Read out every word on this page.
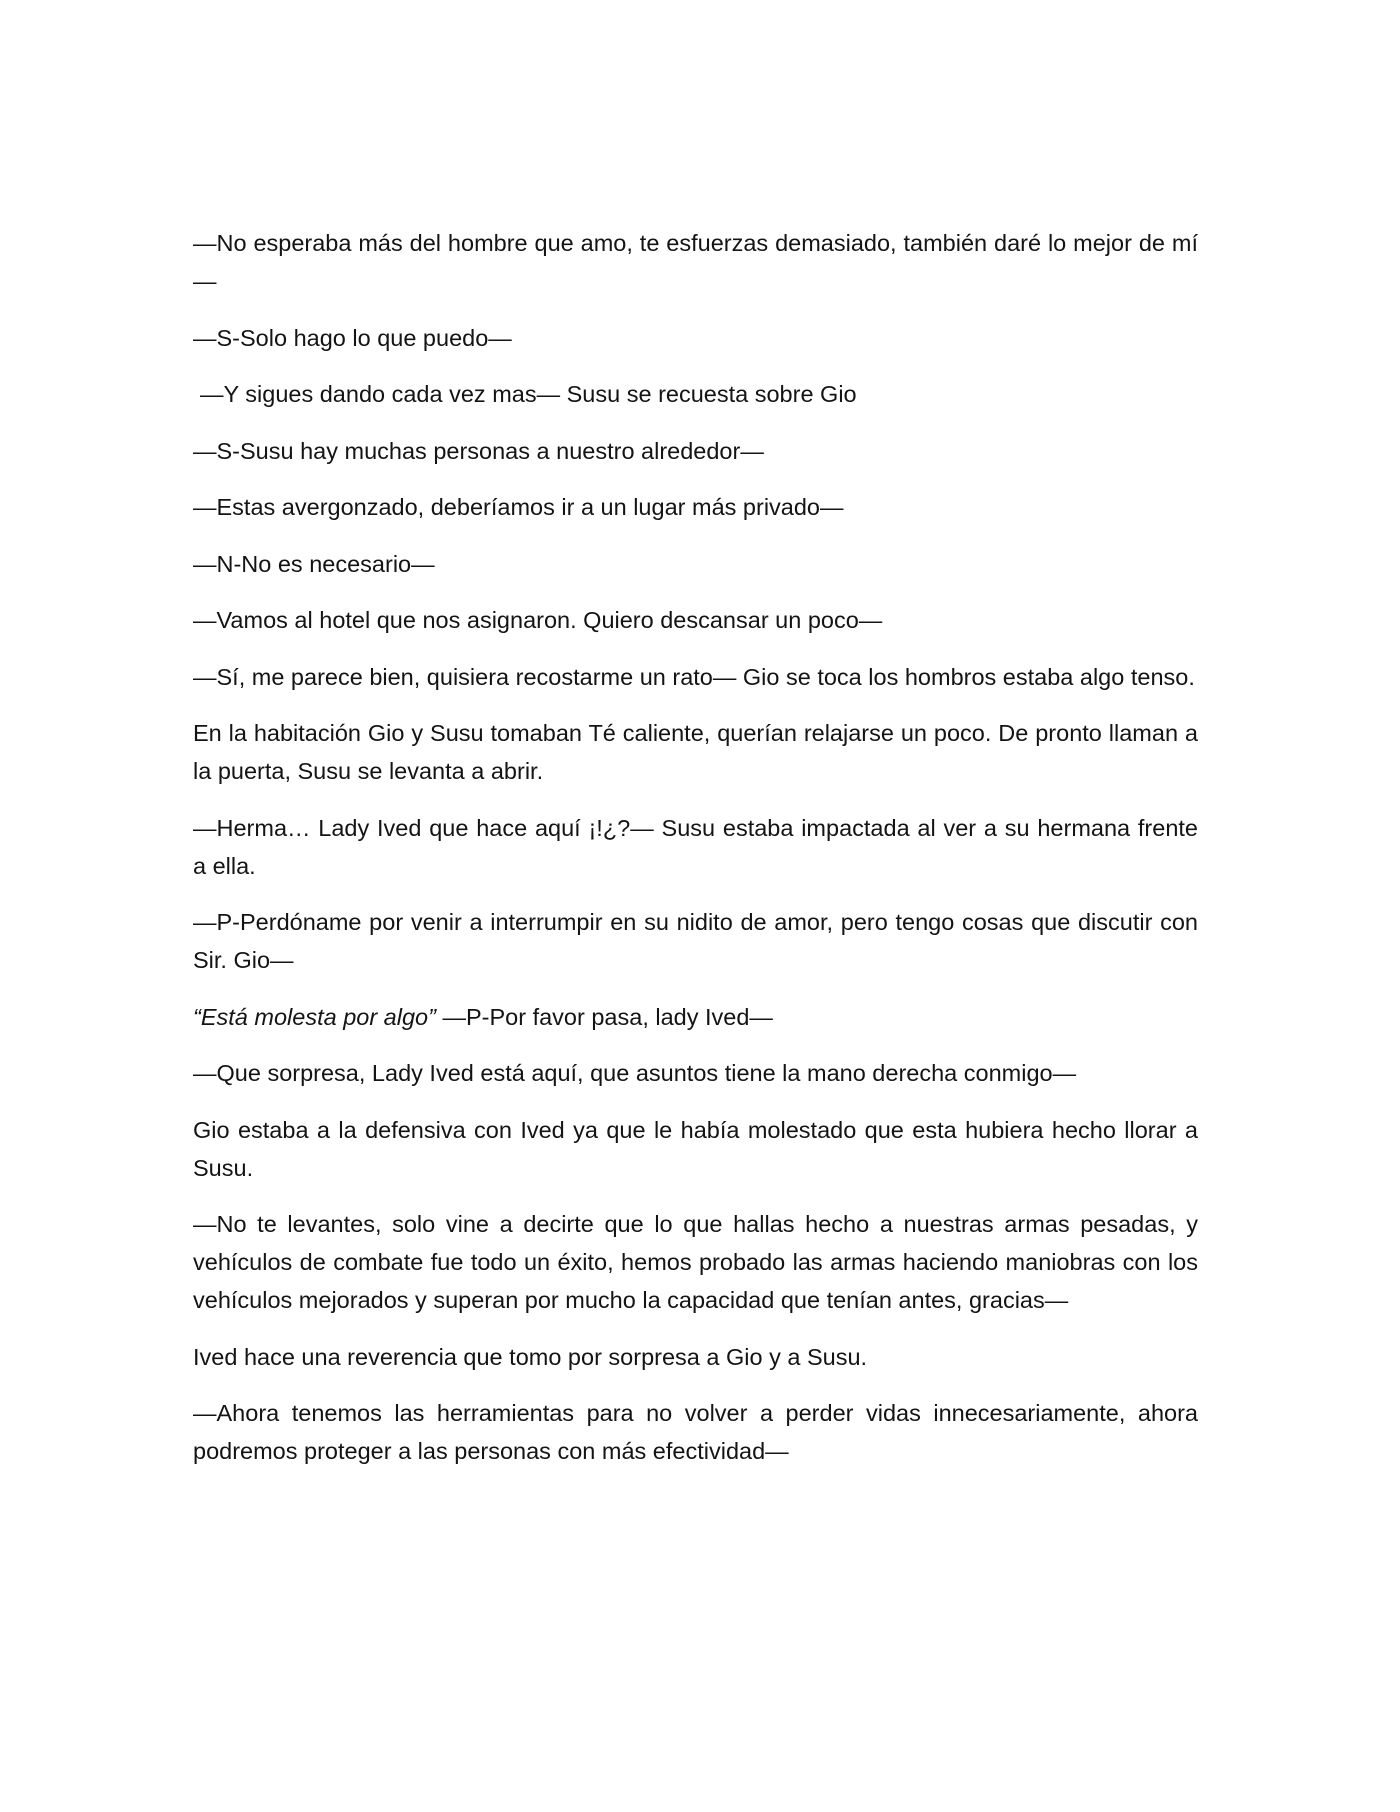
—No esperaba más del hombre que amo, te esfuerzas demasiado, también daré lo mejor de mí—

—S-Solo hago lo que puedo—

—Y sigues dando cada vez mas— Susu se recuesta sobre Gio

—S-Susu hay muchas personas a nuestro alrededor—

—Estas avergonzado, deberíamos ir a un lugar más privado—

—N-No es necesario—

—Vamos al hotel que nos asignaron. Quiero descansar un poco—

—Sí, me parece bien, quisiera recostarme un rato— Gio se toca los hombros estaba algo tenso.

En la habitación Gio y Susu tomaban Té caliente, querían relajarse un poco. De pronto llaman a la puerta, Susu se levanta a abrir.

—Herma… Lady Ived que hace aquí ¡!¿?— Susu estaba impactada al ver a su hermana frente a ella.

—P-Perdóname por venir a interrumpir en su nidito de amor, pero tengo cosas que discutir con Sir. Gio—

“Está molesta por algo” —P-Por favor pasa, lady Ived—

—Que sorpresa, Lady Ived está aquí, que asuntos tiene la mano derecha conmigo—

Gio estaba a la defensiva con Ived ya que le había molestado que esta hubiera hecho llorar a Susu.

—No te levantes, solo vine a decirte que lo que hallas hecho a nuestras armas pesadas, y vehículos de combate fue todo un éxito, hemos probado las armas haciendo maniobras con los vehículos mejorados y superan por mucho la capacidad que tenían antes, gracias—

Ived hace una reverencia que tomo por sorpresa a Gio y a Susu.

—Ahora tenemos las herramientas para no volver a perder vidas innecesariamente, ahora podremos proteger a las personas con más efectividad—
